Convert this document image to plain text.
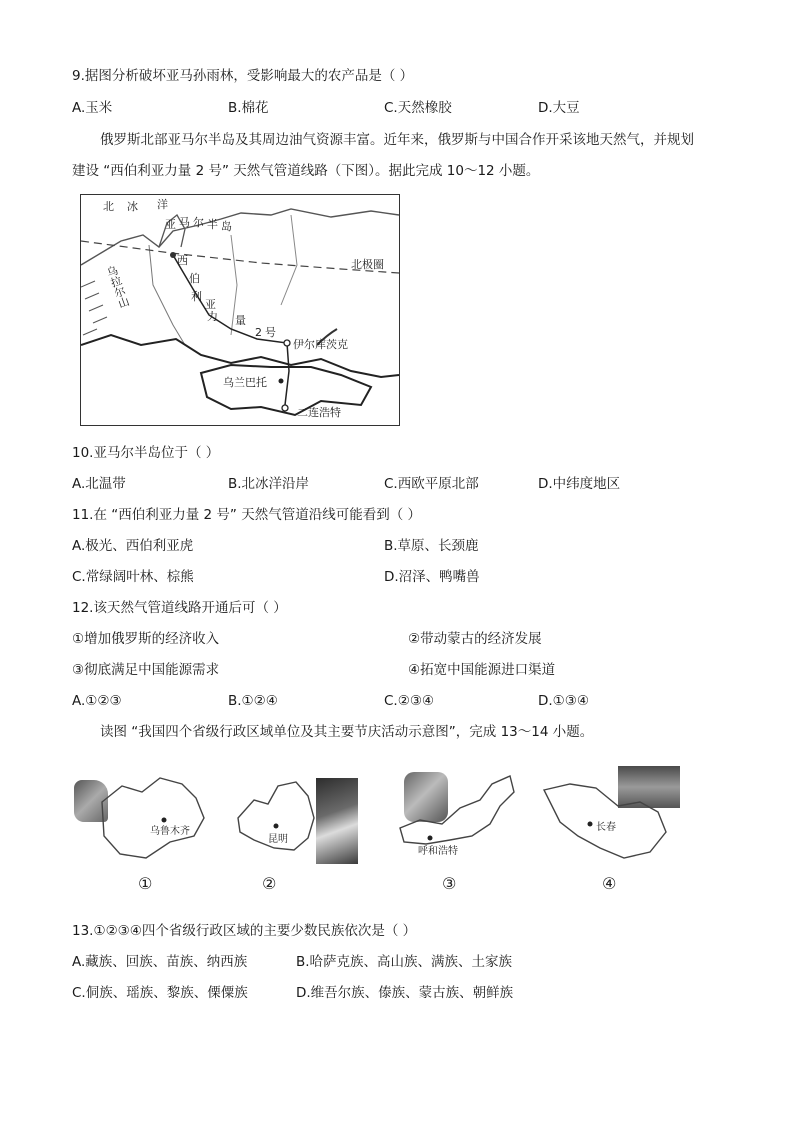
9.据图分析破坏亚马孙雨林，受影响最大的农产品是（ ）
A.玉米	B.棉花	C.天然橡胶	D.大豆
俄罗斯北部亚马尔半岛及其周边油气资源丰富。近年来，俄罗斯与中国合作开采该地天然气，并规划
建设 “西伯利亚力量 2 号” 天然气管道线路（下图）。据此完成 10～12 小题。
北 冰 洋
亚 马 尔 半 岛
西
伯
利
亚
力 量
2 号
北极圈
乌拉尔山
伊尔库茨克
乌兰巴托
二连浩特
10.亚马尔半岛位于（ ）
A.北温带	B.北冰洋沿岸	C.西欧平原北部	D.中纬度地区
11.在 “西伯利亚力量 2 号” 天然气管道沿线可能看到（ ）
A.极光、西伯利亚虎	B.草原、长颈鹿
C.常绿阔叶林、棕熊	D.沼泽、鸭嘴兽
12.该天然气管道线路开通后可（ ）
①增加俄罗斯的经济收入	②带动蒙古的经济发展
③彻底满足中国能源需求	④拓宽中国能源进口渠道
A.①②③	B.①②④	C.②③④	D.①③④
读图 “我国四个省级行政区域单位及其主要节庆活动示意图”，完成 13～14 小题。
乌鲁木齐
①
昆明
②
呼和浩特
③
长春
④
13.①②③④四个省级行政区域的主要少数民族依次是（ ）
A.藏族、回族、苗族、纳西族	B.哈萨克族、高山族、满族、土家族
C.侗族、瑶族、黎族、傈僳族	D.维吾尔族、傣族、蒙古族、朝鲜族
